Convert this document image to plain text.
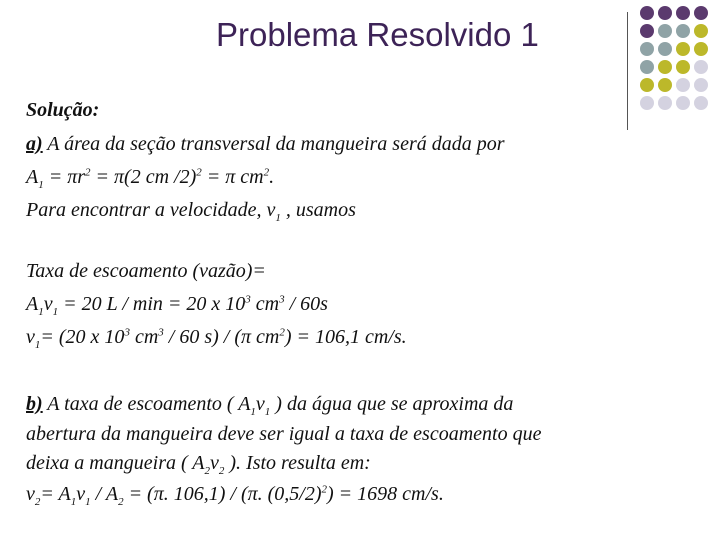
Problema Resolvido 1
Solução:
a) A área da seção transversal da mangueira será dada por
$A_1 = \pi r^2 = \pi(2$ cm /2)$^2$ = π $cm^2$.
Para encontrar a velocidade, $v_1$ , usamos
Taxa de escoamento (vazão)=
$A_1v_1 = 20$ L / min = 20 x $10^3$ $cm^3 / 60s$
$v_1= (20$ x $10^3$ $cm^3 / 60$ s) / (π $cm^2) = 106,1$ cm/s.
b) A taxa de escoamento ( $A_1v_1$ ) da água que se aproxima da
abertura da mangueira deve ser igual a taxa de escoamento que
deixa a mangueira ( $A_2v_2$ ). Isto resulta em:
$v_2= A_1v_1 / A_2 = (\pi$. 106,1) / (π. $(0,5/2)^2) = 1698$ cm/s.
